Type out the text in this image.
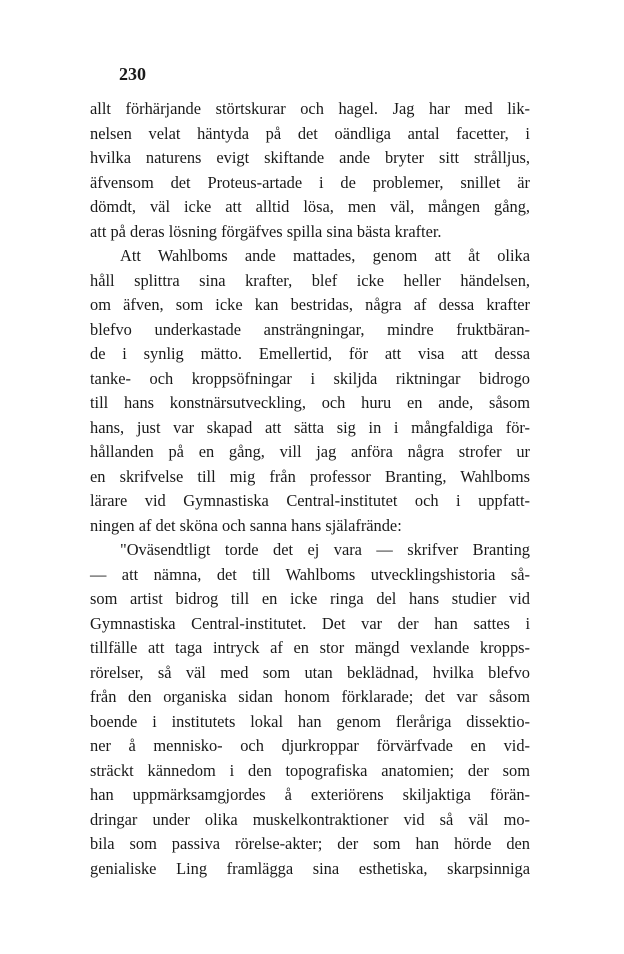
230
allt förhärjande störtskurar och hagel. Jag har med lik-
nelsen velat häntyda på det oändliga antal facetter, i
hvilka naturens evigt skiftande ande bryter sitt strålljus,
äfvensom det Proteus-artade i de problemer, snillet är
dömdt, väl icke att alltid lösa, men väl, mången gång,
att på deras lösning förgäfves spilla sina bästa krafter.
Att Wahlboms ande mattades, genom att åt olika
håll splittra sina krafter, blef icke heller händelsen,
om äfven, som icke kan bestridas, några af dessa krafter
blefvo underkastade ansträngningar, mindre fruktbäran-
de i synlig mätto. Emellertid, för att visa att dessa
tanke- och kroppsöfningar i skiljda riktningar bidrogo
till hans konstnärsutveckling, och huru en ande, såsom
hans, just var skapad att sätta sig in i mångfaldiga för-
hållanden på en gång, vill jag anföra några strofer ur
en skrifvelse till mig från professor Branting, Wahlboms
lärare vid Gymnastiska Central-institutet och i uppfatt-
ningen af det sköna och sanna hans själafrände:
"Oväsendtligt torde det ej vara — skrifver Branting
— att nämna, det till Wahlboms utvecklingshistoria så-
som artist bidrog till en icke ringa del hans studier vid
Gymnastiska Central-institutet. Det var der han sattes i
tillfälle att taga intryck af en stor mängd vexlande kropps-
rörelser, så väl med som utan beklädnad, hvilka blefvo
från den organiska sidan honom förklarade; det var såsom
boende i institutets lokal han genom fleråriga dissektio-
ner å mennisko- och djurkroppar förvärfvade en vid-
sträckt kännedom i den topografiska anatomien; der som
han uppmärksamgjordes å exteriörens skiljaktiga förän-
dringar under olika muskelkontraktioner vid så väl mo-
bila som passiva rörelse-akter; der som han hörde den
genialiske Ling framlägga sina esthetiska, skarpsinniga
